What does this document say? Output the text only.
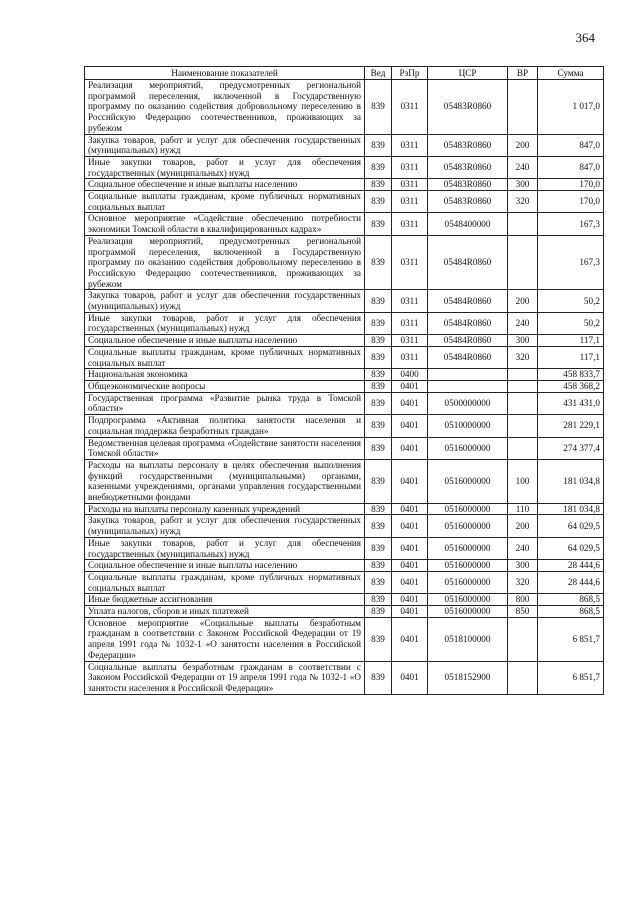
364
Наименование показателей	Вед	РзПр	ЦСР	ВР	Сумма
Реализация мероприятий, предусмотренных региональной программой переселения, включенной в Государственную программу по оказанию содействия добровольному переселению в Российскую Федерацию соотечественников, проживающих за рубежом	839	0311	05483R0860		1 017,0
Закупка товаров, работ и услуг для обеспечения государственных (муниципальных) нужд	839	0311	05483R0860	200	847,0
Иные закупки товаров, работ и услуг для обеспечения государственных (муниципальных) нужд	839	0311	05483R0860	240	847,0
Социальное обеспечение и иные выплаты населению	839	0311	05483R0860	300	170,0
Социальные выплаты гражданам, кроме публичных нормативных социальных выплат	839	0311	05483R0860	320	170,0
Основное мероприятие «Содействие обеспечению потребности экономики Томской области в квалифицированных кадрах»	839	0311	0548400000		167,3
Реализация мероприятий, предусмотренных региональной программой переселения, включенной в Государственную программу по оказанию содействия добровольному переселению в Российскую Федерацию соотечественников, проживающих за рубежом	839	0311	05484R0860		167,3
Закупка товаров, работ и услуг для обеспечения государственных (муниципальных) нужд	839	0311	05484R0860	200	50,2
Иные закупки товаров, работ и услуг для обеспечения государственных (муниципальных) нужд	839	0311	05484R0860	240	50,2
Социальное обеспечение и иные выплаты населению	839	0311	05484R0860	300	117,1
Социальные выплаты гражданам, кроме публичных нормативных социальных выплат	839	0311	05484R0860	320	117,1
Национальная экономика	839	0400			458 833,7
Общеэкономические вопросы	839	0401			458 368,2
Государственная программа «Развитие рынка труда в Томской области»	839	0401	0500000000		431 431,0
Подпрограмма «Активная политика занятости населения и социальная поддержка безработных граждан»	839	0401	0510000000		281 229,1
Ведомственная целевая программа «Содействие занятости населения Томской области»	839	0401	0516000000		274 377,4
Расходы на выплаты персоналу в целях обеспечения выполнения функций государственными (муниципальными) органами, казенными учреждениями, органами управления государственными внебюджетными фондами	839	0401	0516000000	100	181 034,8
Расходы на выплаты персоналу казенных учреждений	839	0401	0516000000	110	181 034,8
Закупка товаров, работ и услуг для обеспечения государственных (муниципальных) нужд	839	0401	0516000000	200	64 029,5
Иные закупки товаров, работ и услуг для обеспечения государственных (муниципальных) нужд	839	0401	0516000000	240	64 029,5
Социальное обеспечение и иные выплаты населению	839	0401	0516000000	300	28 444,6
Социальные выплаты гражданам, кроме публичных нормативных социальных выплат	839	0401	0516000000	320	28 444,6
Иные бюджетные ассигнования	839	0401	0516000000	800	868,5
Уплата налогов, сборов и иных платежей	839	0401	0516000000	850	868,5
Основное мероприятие «Социальные выплаты безработным гражданам в соответствии с Законом Российской Федерации от 19 апреля 1991 года № 1032-1 «О занятости населения в Российской Федерации»	839	0401	0518100000		6 851,7
Социальные выплаты безработным гражданам в соответствии с Законом Российской Федерации от 19 апреля 1991 года № 1032-1 «О занятости населения в Российской Федерации»	839	0401	0518152900		6 851,7
